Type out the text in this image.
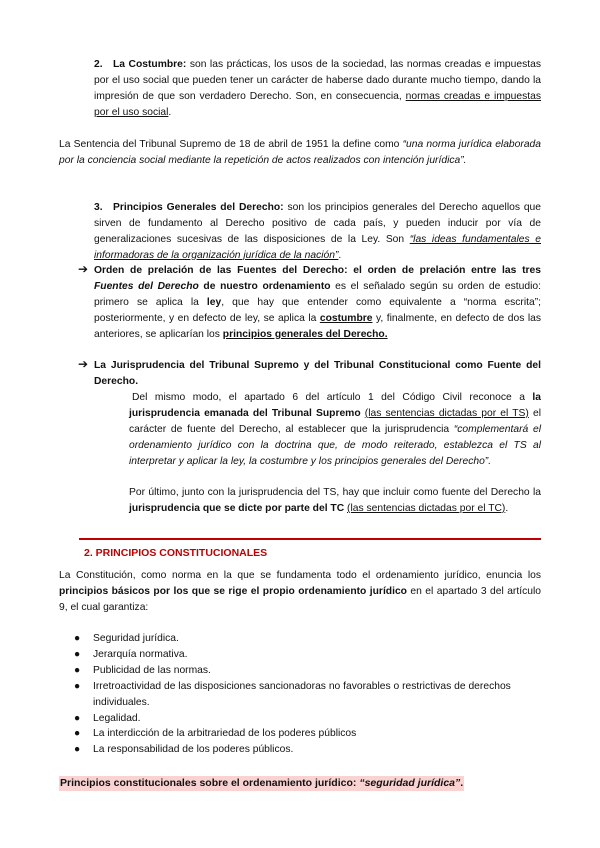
2. La Costumbre: son las prácticas, los usos de la sociedad, las normas creadas e impuestas por el uso social que pueden tener un carácter de haberse dado durante mucho tiempo, dando la impresión de que son verdadero Derecho. Son, en consecuencia, normas creadas e impuestas por el uso social.

La Sentencia del Tribunal Supremo de 18 de abril de 1951 la define como “una norma jurídica elaborada por la conciencia social mediante la repetición de actos realizados con intención jurídica”.

3. Principios Generales del Derecho: son los principios generales del Derecho aquellos que sirven de fundamento al Derecho positivo de cada país, y pueden inducir por vía de generalizaciones sucesivas de las disposiciones de la Ley. Son “las ideas fundamentales e informadoras de la organización jurídica de la nación”.

➔ Orden de prelación de las Fuentes del Derecho: el orden de prelación entre las tres Fuentes del Derecho de nuestro ordenamiento es el señalado según su orden de estudio: primero se aplica la ley, que hay que entender como equivalente a “norma escrita”; posteriormente, y en defecto de ley, se aplica la costumbre y, finalmente, en defecto de dos las anteriores, se aplicarían los principios generales del Derecho.

➔ La Jurisprudencia del Tribunal Supremo y del Tribunal Constitucional como Fuente del Derecho.

Del mismo modo, el apartado 6 del artículo 1 del Código Civil reconoce a la jurisprudencia emanada del Tribunal Supremo (las sentencias dictadas por el TS) el carácter de fuente del Derecho, al establecer que la jurisprudencia “complementará el ordenamiento jurídico con la doctrina que, de modo reiterado, establezca el TS al interpretar y aplicar la ley, la costumbre y los principios generales del Derecho”.

Por último, junto con la jurisprudencia del TS, hay que incluir como fuente del Derecho la jurisprudencia que se dicte por parte del TC (las sentencias dictadas por el TC).

2. PRINCIPIOS CONSTITUCIONALES

La Constitución, como norma en la que se fundamenta todo el ordenamiento jurídico, enuncia los principios básicos por los que se rige el propio ordenamiento jurídico en el apartado 3 del artículo 9, el cual garantiza:

● Seguridad jurídica.
● Jerarquía normativa.
● Publicidad de las normas.
● Irretroactividad de las disposiciones sancionadoras no favorables o restrictivas de derechos individuales.
● Legalidad.
● La interdicción de la arbitrariedad de los poderes públicos
● La responsabilidad de los poderes públicos.
Principios constitucionales sobre el ordenamiento jurídico: “seguridad jurídica”.
